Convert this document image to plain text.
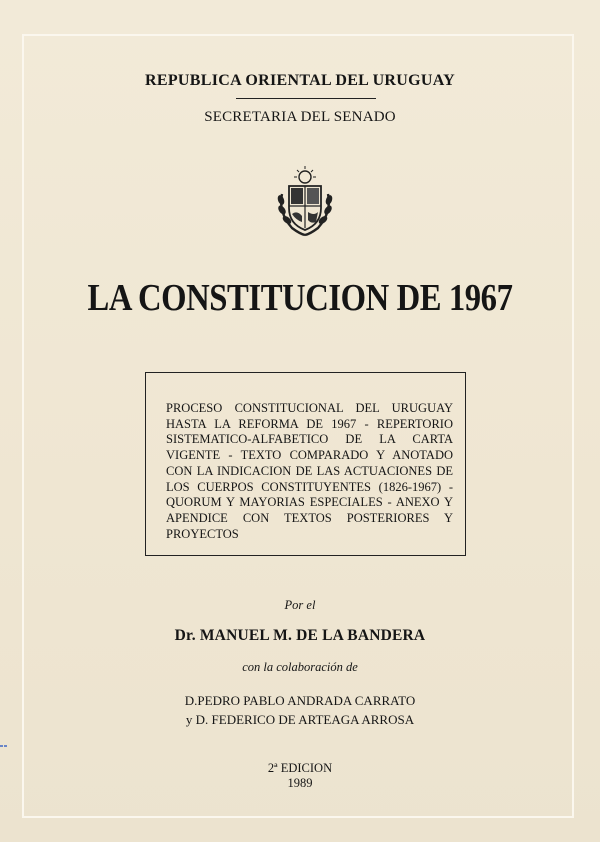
REPUBLICA ORIENTAL DEL URUGUAY
SECRETARIA DEL SENADO
LA CONSTITUCION DE 1967
PROCESO CONSTITUCIONAL DEL URUGUAY
HASTA LA REFORMA DE 1967 - REPERTORIO
SISTEMATICO-ALFABETICO DE LA CARTA
VIGENTE - TEXTO COMPARADO Y ANOTADO
CON LA INDICACION DE LAS ACTUACIONES DE
LOS CUERPOS CONSTITUYENTES (1826-1967) -
QUORUM Y MAYORIAS ESPECIALES - ANEXO Y
APENDICE CON TEXTOS POSTERIORES Y
PROYECTOS
Por el
Dr. MANUEL M. DE LA BANDERA
con la colaboración de
D.PEDRO PABLO ANDRADA CARRATO
y D. FEDERICO DE ARTEAGA ARROSA
2ª EDICION
1989
